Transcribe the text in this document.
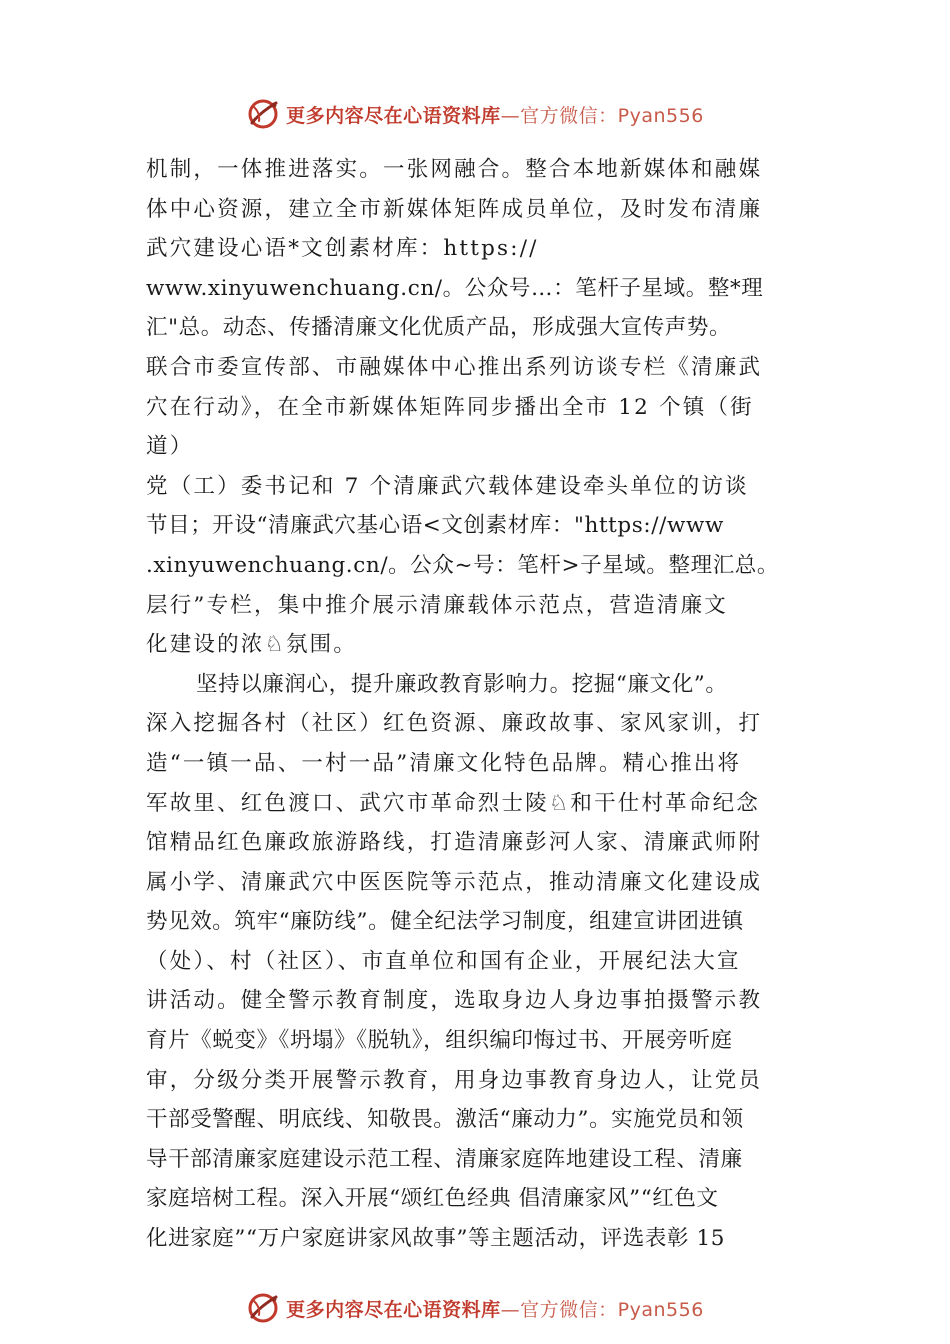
更多内容尽在心语资料库—官方微信：Pyan556
机制，一体推进落实。一张网融合。整合本地新媒体和融媒
体中心资源，建立全市新媒体矩阵成员单位，及时发布清廉
武穴建设心语*文创素材库：https://
www.xinyuwenchuang.cn/。公众号…：笔杆子星域。整*理
汇"总。动态、传播清廉文化优质产品，形成强大宣传声势。
联合市委宣传部、市融媒体中心推出系列访谈专栏《清廉武
穴在行动》，在全市新媒体矩阵同步播出全市 12 个镇（街
道）
党（工）委书记和 7 个清廉武穴载体建设牵头单位的访谈
节目；开设“清廉武穴基心语<文创素材库："https://www
.xinyuwenchuang.cn/。公众~号：笔杆>子星域。整理汇总。
层行”专栏，集中推介展示清廉载体示范点，营造清廉文
化建设的浓♘氛围。
坚持以廉润心，提升廉政教育影响力。挖掘“廉文化”。
深入挖掘各村（社区）红色资源、廉政故事、家风家训，打
造“一镇一品、一村一品”清廉文化特色品牌。精心推出将
军故里、红色渡口、武穴市革命烈士陵♘和干仕村革命纪念
馆精品红色廉政旅游路线，打造清廉彭河人家、清廉武师附
属小学、清廉武穴中医医院等示范点，推动清廉文化建设成
势见效。筑牢“廉防线”。健全纪法学习制度，组建宣讲团进镇
（处）、村（社区）、市直单位和国有企业，开展纪法大宣
讲活动。健全警示教育制度，选取身边人身边事拍摄警示教
育片《蜕变》《坍塌》《脱轨》，组织编印悔过书、开展旁听庭
审，分级分类开展警示教育，用身边事教育身边人，让党员
干部受警醒、明底线、知敬畏。激活“廉动力”。实施党员和领
导干部清廉家庭建设示范工程、清廉家庭阵地建设工程、清廉
家庭培树工程。深入开展“颂红色经典 倡清廉家风”“红色文
化进家庭”“万户家庭讲家风故事”等主题活动，评选表彰 15
更多内容尽在心语资料库—官方微信：Pyan556
